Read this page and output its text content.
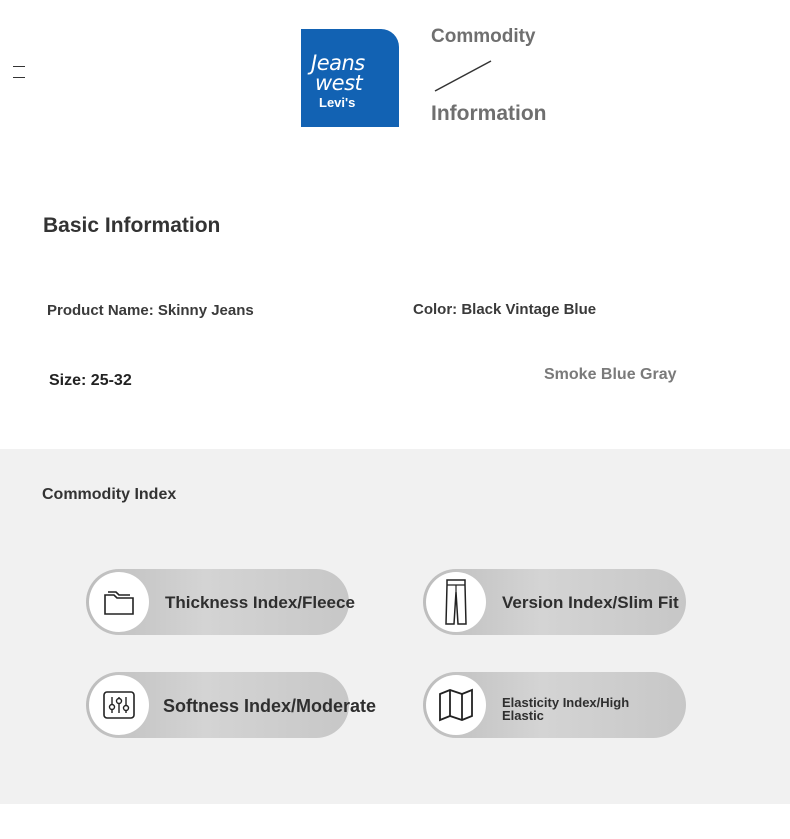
Jeans
west
Levi's
Commodity
Information
Basic Information
Product Name: Skinny Jeans	Color: Black Vintage Blue
Size: 25-32	Smoke Blue Gray
Commodity Index
Thickness Index/Fleece	Version Index/Slim Fit
Softness Index/Moderate	Elasticity Index/High Elastic
